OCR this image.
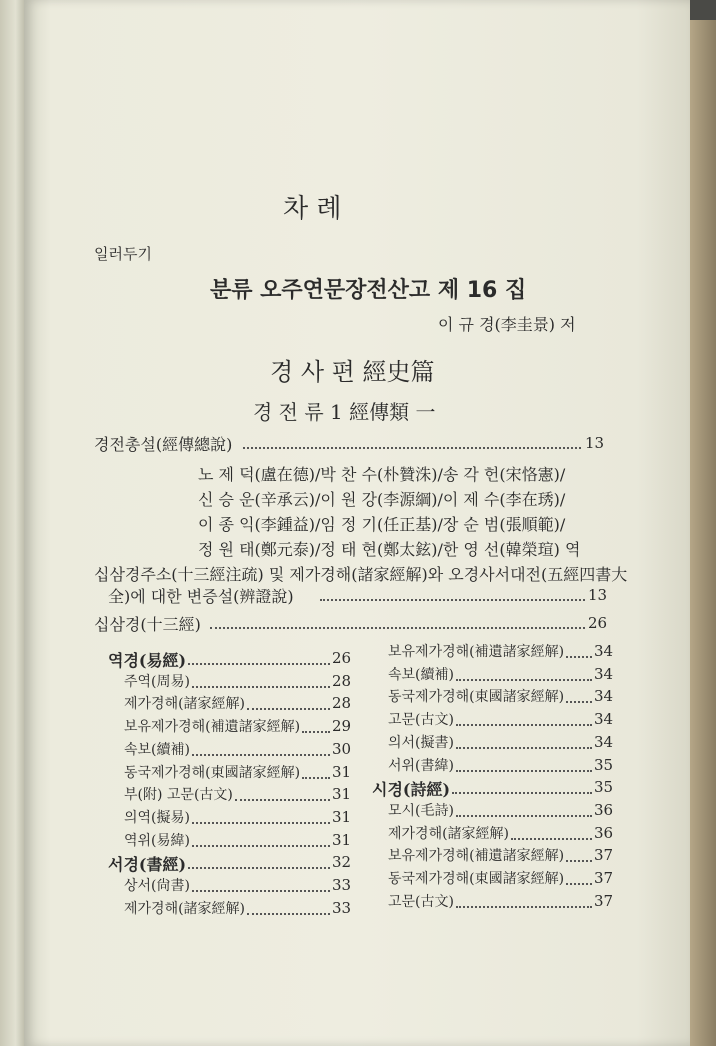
차 례
일러두기
분류 오주연문장전산고 제 16 집
이 규 경(李圭景) 저
경 사 편 經史篇
경 전 류 1 經傳類 一
경전총설(經傳總說)	13
노 제 덕(盧在德)/박 찬 수(朴贊洙)/송 각 헌(宋恪憲)/
신 승 운(辛承云)/이 원 강(李源綱)/이 제 수(李在琇)/
이 종 익(李鍾益)/임 정 기(任正基)/장 순 범(張順範)/
정 원 태(鄭元泰)/정 태 현(鄭太鉉)/한 영 선(韓榮瑄) 역
십삼경주소(十三經注疏) 및 제가경해(諸家經解)와 오경사서대전(五經四書大
全)에 대한 변증설(辨證說)	13
십삼경(十三經)	26
역경(易經)	26
주역(周易)	28
제가경해(諸家經解)	28
보유제가경해(補遺諸家經解) 29
속보(續補)	30
동국제가경해(東國諸家經解) 31
부(附) 고문(古文)	31
의역(擬易)	31
역위(易緯)	31
서경(書經)	32
상서(尙書)	33
제가경해(諸家經解)	33
보유제가경해(補遺諸家經解) 34
속보(續補)	34
동국제가경해(東國諸家經解) 34
고문(古文)	34
의서(擬書)	34
서위(書緯)	35
시경(詩經)	35
모시(毛詩)	36
제가경해(諸家經解)	36
보유제가경해(補遺諸家經解) 37
동국제가경해(東國諸家經解) 37
고문(古文)	37
